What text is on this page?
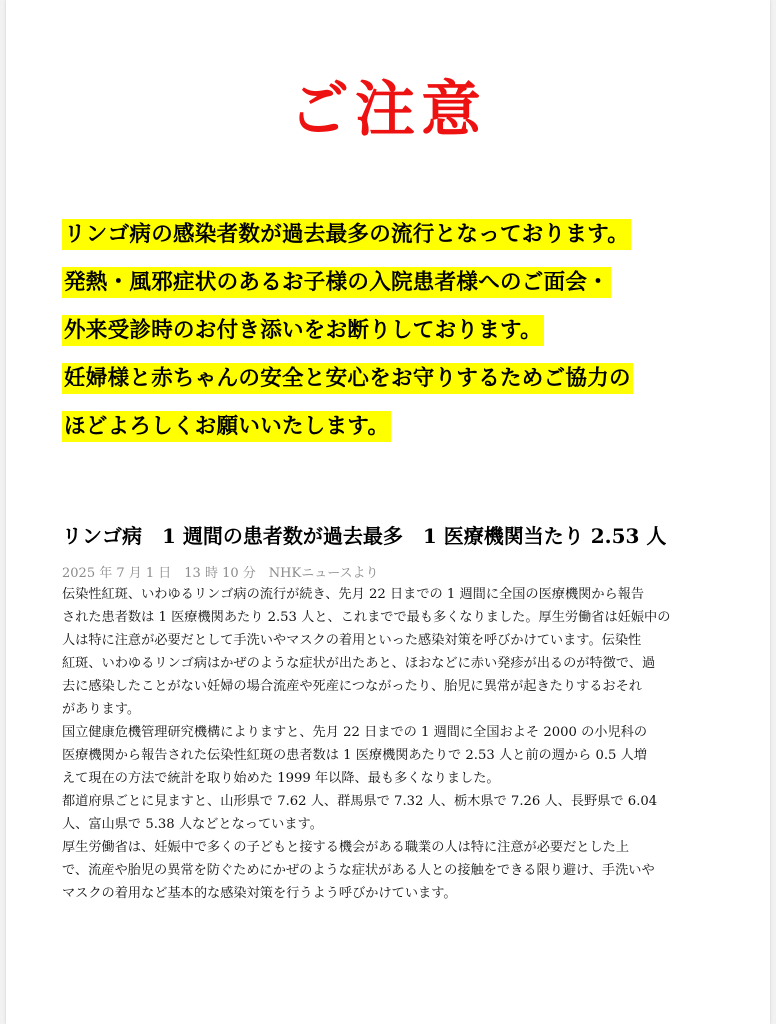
ご注意
リンゴ病の感染者数が過去最多の流行となっております。
発熱・風邪症状のあるお子様の入院患者様へのご面会・
外来受診時のお付き添いをお断りしております。
妊婦様と赤ちゃんの安全と安心をお守りするためご協力の
ほどよろしくお願いいたします。
リンゴ病　1 週間の患者数が過去最多　1 医療機関当たり 2.53 人
2025 年 7 月 1 日　13 時 10 分　NHKニュースより
伝染性紅斑、いわゆるリンゴ病の流行が続き、先月 22 日までの 1 週間に全国の医療機関から報告
された患者数は 1 医療機関あたり 2.53 人と、これまでで最も多くなりました。厚生労働省は妊娠中の
人は特に注意が必要だとして手洗いやマスクの着用といった感染対策を呼びかけています。伝染性
紅斑、いわゆるリンゴ病はかぜのような症状が出たあと、ほおなどに赤い発疹が出るのが特徴で、過
去に感染したことがない妊婦の場合流産や死産につながったり、胎児に異常が起きたりするおそれ
があります。
国立健康危機管理研究機構によりますと、先月 22 日までの 1 週間に全国およそ 2000 の小児科の
医療機関から報告された伝染性紅斑の患者数は 1 医療機関あたりで 2.53 人と前の週から 0.5 人増
えて現在の方法で統計を取り始めた 1999 年以降、最も多くなりました。
都道府県ごとに見ますと、山形県で 7.62 人、群馬県で 7.32 人、栃木県で 7.26 人、長野県で 6.04
人、富山県で 5.38 人などとなっています。
厚生労働省は、妊娠中で多くの子どもと接する機会がある職業の人は特に注意が必要だとした上
で、流産や胎児の異常を防ぐためにかぜのような症状がある人との接触をできる限り避け、手洗いや
マスクの着用など基本的な感染対策を行うよう呼びかけています。
